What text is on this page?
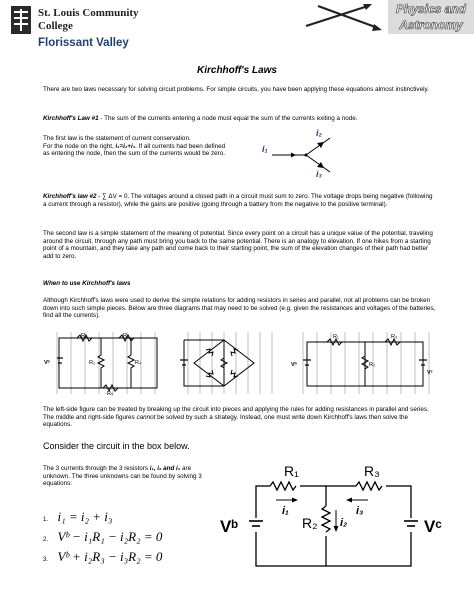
St. Louis Community
College
Florissant Valley
Physics and
Astronomy
Kirchhoff's Laws
There are two laws necessary for solving circuit problems. For simple circuits, you have been applying these equations almost instinctively.
Kirchhoff's Law #1 - The sum of the currents entering a node must equal the sum of the currents exiting a node.
The first law is the statement of current conservation.
For the node on the right, i₁=i₂+i₃. If all currents had been defined as entering the node, then the sum of the currents would be zero.	i₁
i₂
i₃
Kirchhoff's law #2 - ∑ ΔV = 0. The voltages around a closed path in a circuit must sum to zero. The voltage drops being negative (following a current through a resistor), while the gains are positive (going through a battery from the negative to the positive terminal).
The second law is a simple statement of the meaning of potential. Since every point on a circuit has a unique value of the potential, traveling around the circuit, through any path must bring you back to the same potential. There is an analogy to elevation. If one hikes from a starting point of a mountain, and they take any path and come back to their starting point, the sum of the elevation changes of their path had better add to zero.
When to use Kirchhoff's laws
Although Kirchhoff's laws were used to derive the simple relations for adding resistors in series and parallel, not all problems can be broken down into such simple pieces. Below are three diagrams that may need to be solved (e.g. given the resistances and voltages of the batteries, find all the currents).
R₁	R₃
R₂	R₄
R₅
Vᵇ
R₁	R₃
R₂
Vᵇ
Vᶜ
The left-side figure can be treated by breaking up the circuit into pieces and applying the rules for adding resistances in parallel and series. The middle and right-side figures cannot be solved by such a strategy. Instead, one must write down Kirchhoff's laws then solve the equations.
Consider the circuit in the box below.
The 3 currents through the 3 resistors i₁, i₂ and i₃ are unknown. The three unknowns can be found by solving 3 equations:
1. i₁ = i₂ + i₃
2. Vᵇ − i₁R₁ − i₂R₂ = 0
3. Vᵇ + i₂R₃ − i₃R₂ = 0
R₁	R₃
R₂
i₁
i₂
i₃
Vᵇ	Vᶜ
